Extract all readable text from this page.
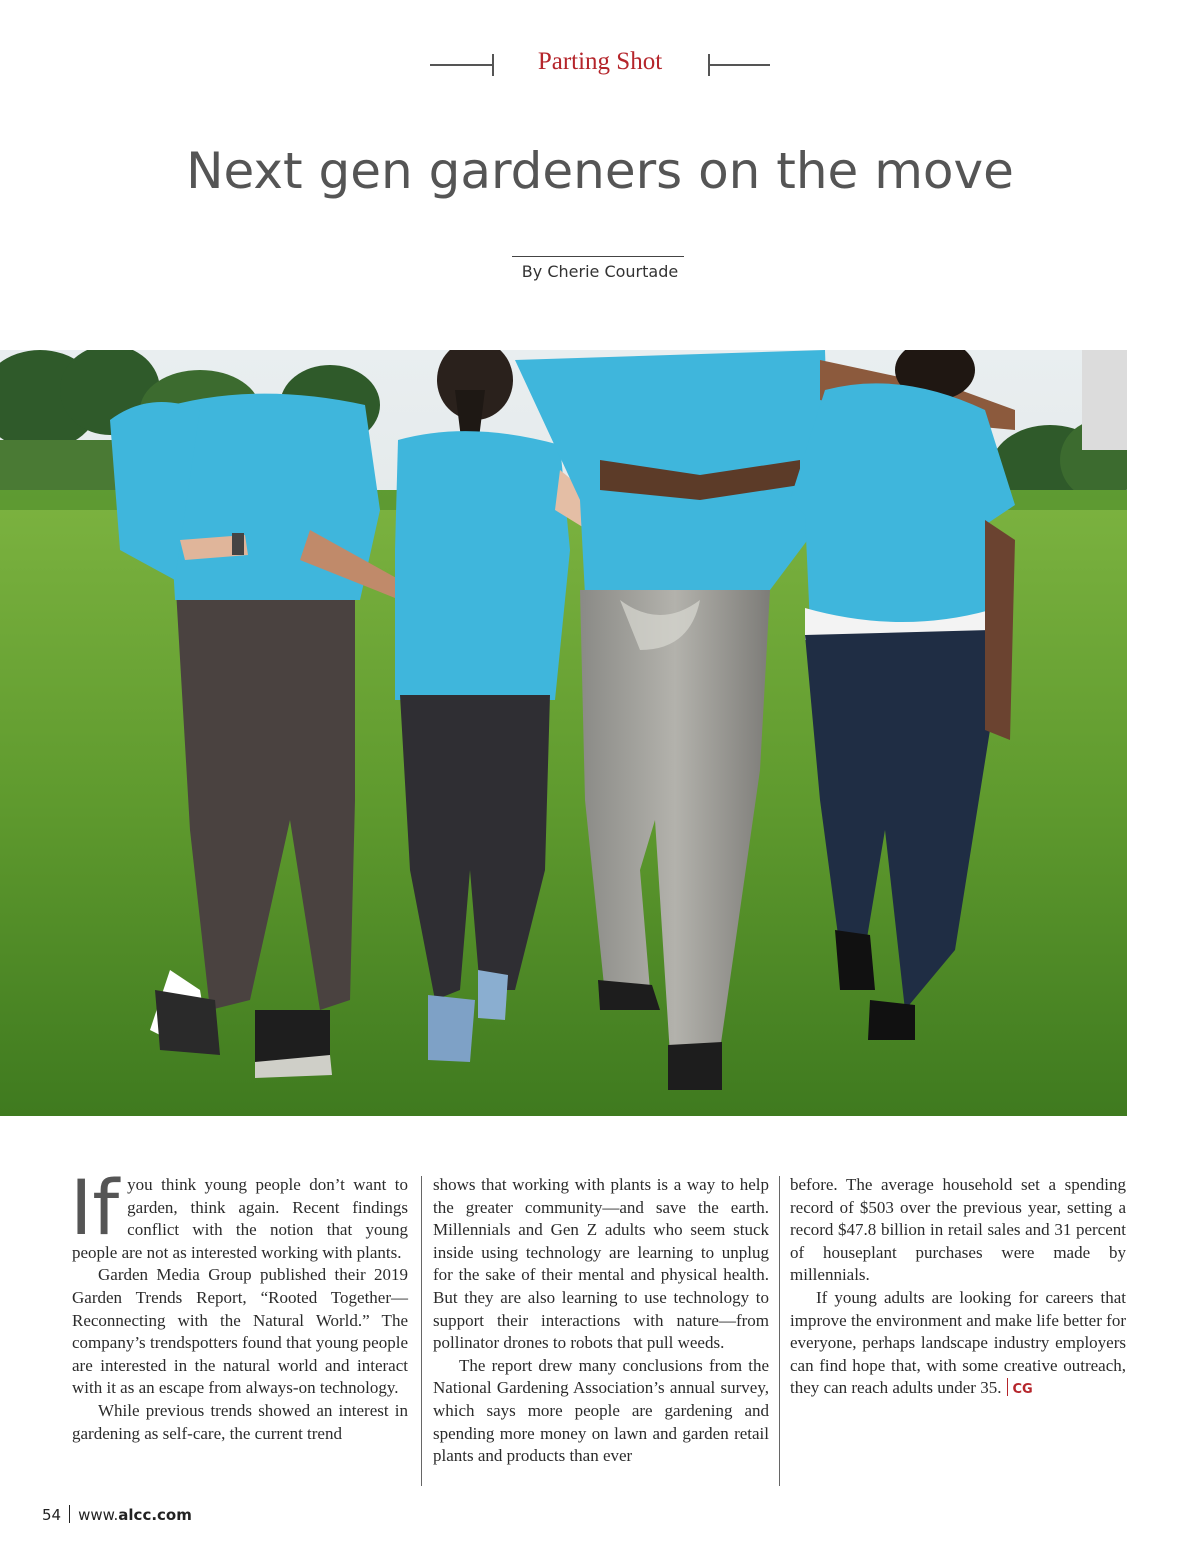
Parting Shot
Next gen gardeners on the move
By Cherie Courtade

If you think young people don’t want to garden, think again. Recent findings conflict with the notion that young people are not as interested working with plants.

Garden Media Group published their 2019 Garden Trends Report, “Rooted Together—Reconnecting with the Natural World.” The company’s trendspotters found that young people are interested in the natural world and interact with it as an escape from always-on technology.

While previous trends showed an interest in gardening as self-care, the current trend

shows that working with plants is a way to help the greater community—and save the earth. Millennials and Gen Z adults who seem stuck inside using technology are learning to unplug for the sake of their mental and physical health. But they are also learning to use technology to support their interactions with nature—from pollinator drones to robots that pull weeds.

The report drew many conclusions from the National Gardening Association’s annual survey, which says more people are gardening and spending more money on lawn and garden retail plants and products than ever

before. The average household set a spending record of $503 over the previous year, setting a record $47.8 billion in retail sales and 31 percent of houseplant purchases were made by millennials.

If young adults are looking for careers that improve the environment and make life better for everyone, perhaps landscape industry employers can find hope that, with some creative outreach, they can reach adults under 35. CG

54 www.alcc.com
